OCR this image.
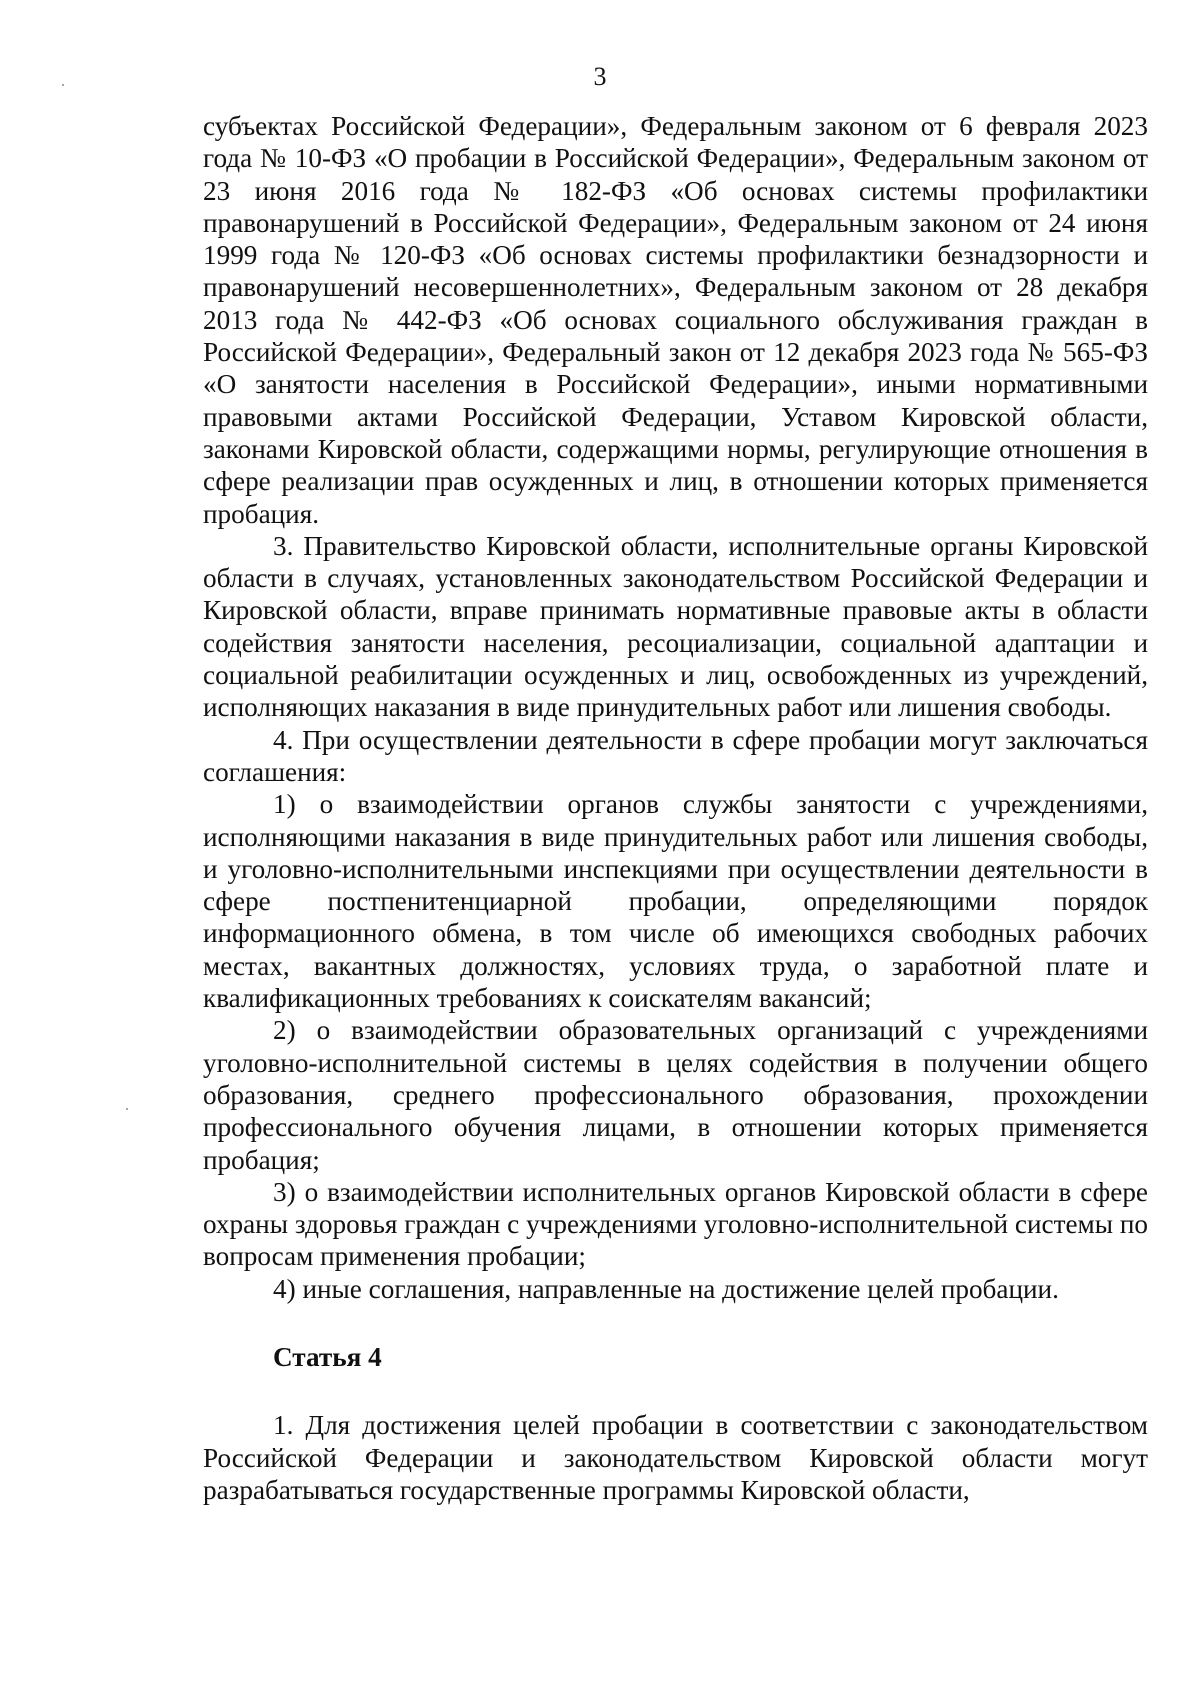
3

субъектах Российской Федерации», Федеральным законом от 6 февраля 2023 года № 10-ФЗ «О пробации в Российской Федерации», Федеральным законом от 23 июня 2016 года № 182-ФЗ «Об основах системы профилактики правонарушений в Российской Федерации», Федеральным законом от 24 июня 1999 года № 120-ФЗ «Об основах системы профилактики безнадзорности и правонарушений несовершеннолетних», Федеральным законом от 28 декабря 2013 года № 442-ФЗ «Об основах социального обслуживания граждан в Российской Федерации», Федеральный закон от 12 декабря 2023 года № 565-ФЗ «О занятости населения в Российской Федерации», иными нормативными правовыми актами Российской Федерации, Уставом Кировской области, законами Кировской области, содержащими нормы, регулирующие отношения в сфере реализации прав осужденных и лиц, в отношении которых применяется пробация.

3. Правительство Кировской области, исполнительные органы Кировской области в случаях, установленных законодательством Российской Федерации и Кировской области, вправе принимать нормативные правовые акты в области содействия занятости населения, ресоциализации, социальной адаптации и социальной реабилитации осужденных и лиц, освобожденных из учреждений, исполняющих наказания в виде принудительных работ или лишения свободы.

4. При осуществлении деятельности в сфере пробации могут заключаться соглашения:

1) о взаимодействии органов службы занятости с учреждениями, исполняющими наказания в виде принудительных работ или лишения свободы, и уголовно-исполнительными инспекциями при осуществлении деятельности в сфере постпенитенциарной пробации, определяющими порядок информационного обмена, в том числе об имеющихся свободных рабочих местах, вакантных должностях, условиях труда, о заработной плате и квалификационных требованиях к соискателям вакансий;

2) о взаимодействии образовательных организаций с учреждениями уголовно-исполнительной системы в целях содействия в получении общего образования, среднего профессионального образования, прохождении профессионального обучения лицами, в отношении которых применяется пробация;

3) о взаимодействии исполнительных органов Кировской области в сфере охраны здоровья граждан с учреждениями уголовно-исполнительной системы по вопросам применения пробации;

4) иные соглашения, направленные на достижение целей пробации.

Статья 4

1. Для достижения целей пробации в соответствии с законодательством Российской Федерации и законодательством Кировской области могут разрабатываться государственные программы Кировской области,
